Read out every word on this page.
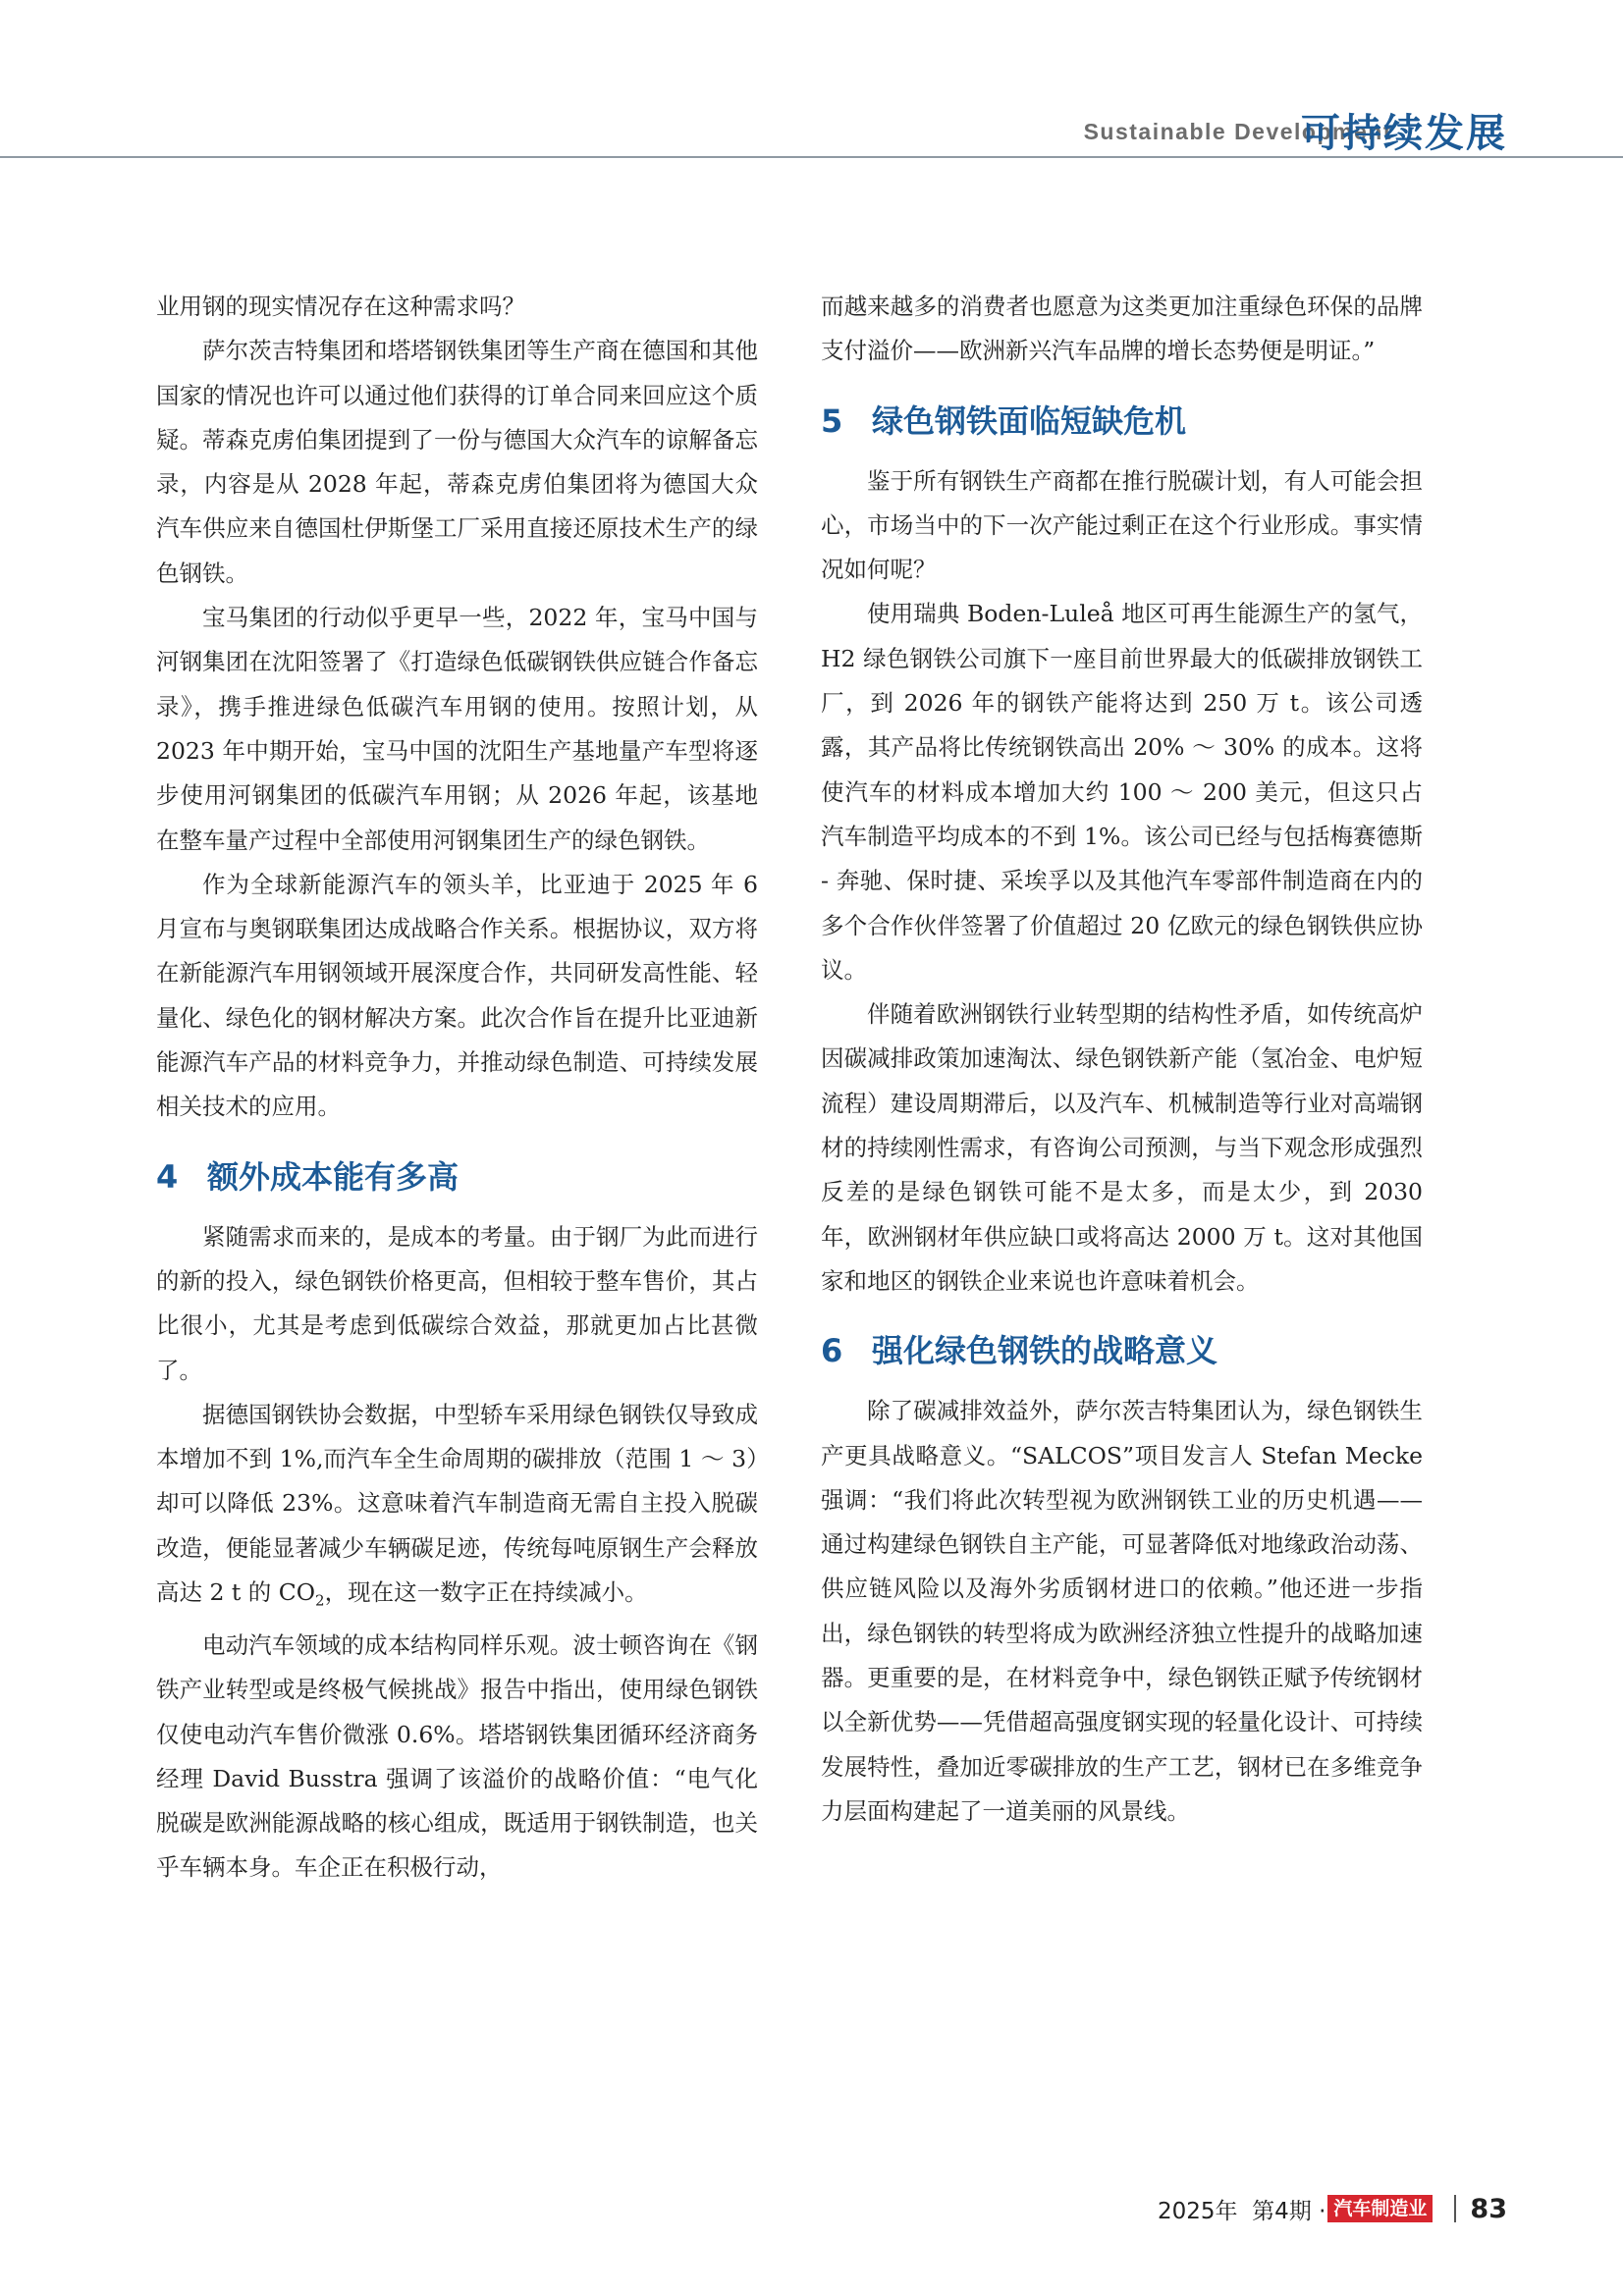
Sustainable Development
可持续发展

业用钢的现实情况存在这种需求吗？

萨尔茨吉特集团和塔塔钢铁集团等生产商在德国和其他国家的情况也许可以通过他们获得的订单合同来回应这个质疑。蒂森克虏伯集团提到了一份与德国大众汽车的谅解备忘录，内容是从 2028 年起，蒂森克虏伯集团将为德国大众汽车供应来自德国杜伊斯堡工厂采用直接还原技术生产的绿色钢铁。

宝马集团的行动似乎更早一些，2022 年，宝马中国与河钢集团在沈阳签署了《打造绿色低碳钢铁供应链合作备忘录》，携手推进绿色低碳汽车用钢的使用。按照计划，从 2023 年中期开始，宝马中国的沈阳生产基地量产车型将逐步使用河钢集团的低碳汽车用钢；从 2026 年起，该基地在整车量产过程中全部使用河钢集团生产的绿色钢铁。

作为全球新能源汽车的领头羊，比亚迪于 2025 年 6 月宣布与奥钢联集团达成战略合作关系。根据协议，双方将在新能源汽车用钢领域开展深度合作，共同研发高性能、轻量化、绿色化的钢材解决方案。此次合作旨在提升比亚迪新能源汽车产品的材料竞争力，并推动绿色制造、可持续发展相关技术的应用。

4 额外成本能有多高

紧随需求而来的，是成本的考量。由于钢厂为此而进行的新的投入，绿色钢铁价格更高，但相较于整车售价，其占比很小，尤其是考虑到低碳综合效益，那就更加占比甚微了。

据德国钢铁协会数据，中型轿车采用绿色钢铁仅导致成本增加不到 1%,而汽车全生命周期的碳排放（范围 1 ～ 3）却可以降低 23%。这意味着汽车制造商无需自主投入脱碳改造，便能显著减少车辆碳足迹，传统每吨原钢生产会释放高达 2 t 的 $CO_2$，现在这一数字正在持续减小。

电动汽车领域的成本结构同样乐观。波士顿咨询在《钢铁产业转型或是终极气候挑战》报告中指出，使用绿色钢铁仅使电动汽车售价微涨 0.6%。塔塔钢铁集团循环经济商务经理 David Busstra 强调了该溢价的战略价值：“电气化脱碳是欧洲能源战略的核心组成，既适用于钢铁制造，也关乎车辆本身。车企正在积极行动，

而越来越多的消费者也愿意为这类更加注重绿色环保的品牌支付溢价——欧洲新兴汽车品牌的增长态势便是明证。”

5 绿色钢铁面临短缺危机

鉴于所有钢铁生产商都在推行脱碳计划，有人可能会担心，市场当中的下一次产能过剩正在这个行业形成。事实情况如何呢？

使用瑞典 Boden-Luleå 地区可再生能源生产的氢气，H2 绿色钢铁公司旗下一座目前世界最大的低碳排放钢铁工厂，到 2026 年的钢铁产能将达到 250 万 t。该公司透露，其产品将比传统钢铁高出 20% ～ 30% 的成本。这将使汽车的材料成本增加大约 100 ～ 200 美元，但这只占汽车制造平均成本的不到 1%。该公司已经与包括梅赛德斯 - 奔驰、保时捷、采埃孚以及其他汽车零部件制造商在内的多个合作伙伴签署了价值超过 20 亿欧元的绿色钢铁供应协议。

伴随着欧洲钢铁行业转型期的结构性矛盾，如传统高炉因碳减排政策加速淘汰、绿色钢铁新产能（氢冶金、电炉短流程）建设周期滞后，以及汽车、机械制造等行业对高端钢材的持续刚性需求，有咨询公司预测，与当下观念形成强烈反差的是绿色钢铁可能不是太多，而是太少，到 2030 年，欧洲钢材年供应缺口或将高达 2000 万 t。这对其他国家和地区的钢铁企业来说也许意味着机会。

6 强化绿色钢铁的战略意义

除了碳减排效益外，萨尔茨吉特集团认为，绿色钢铁生产更具战略意义。“SALCOS”项目发言人 Stefan Mecke 强调：“我们将此次转型视为欧洲钢铁工业的历史机遇——通过构建绿色钢铁自主产能，可显著降低对地缘政治动荡、供应链风险以及海外劣质钢材进口的依赖。”他还进一步指出，绿色钢铁的转型将成为欧洲经济独立性提升的战略加速器。更重要的是，在材料竞争中，绿色钢铁正赋予传统钢材以全新优势——凭借超高强度钢实现的轻量化设计、可持续发展特性，叠加近零碳排放的生产工艺，钢材已在多维竞争力层面构建起了一道美丽的风景线。

2025年  第4期 · 汽车制造业 83
